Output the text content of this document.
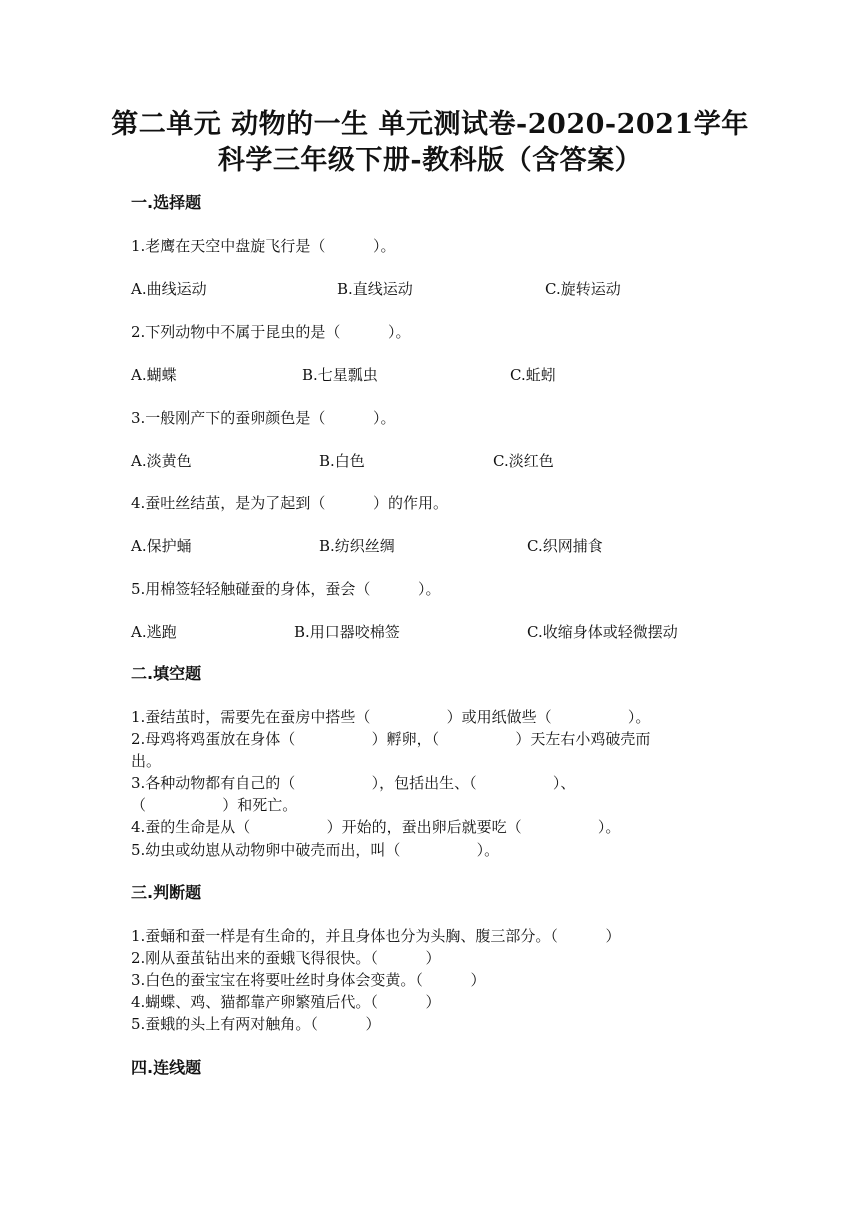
第二单元 动物的一生 单元测试卷-2020-2021学年
科学三年级下册-教科版（含答案）
一.选择题
1.老鹰在天空中盘旋飞行是（          ）。
A.曲线运动	B.直线运动	C.旋转运动
2.下列动物中不属于昆虫的是（          ）。
A.蝴蝶	B.七星瓢虫	C.蚯蚓
3.一般刚产下的蚕卵颜色是（          ）。
A.淡黄色	B.白色	C.淡红色
4.蚕吐丝结茧，是为了起到（          ）的作用。
A.保护蛹	B.纺织丝绸	C.织网捕食
5.用棉签轻轻触碰蚕的身体，蚕会（          ）。
A.逃跑	B.用口器咬棉签	C.收缩身体或轻微摆动
二.填空题
1.蚕结茧时，需要先在蚕房中搭些（                ）或用纸做些（                ）。
2.母鸡将鸡蛋放在身体（                ）孵卵，（                ）天左右小鸡破壳而
出。
3.各种动物都有自己的（                ），包括出生、（                ）、
（                ）和死亡。
4.蚕的生命是从（                ）开始的，蚕出卵后就要吃（                ）。
5.幼虫或幼崽从动物卵中破壳而出，叫（                ）。
三.判断题
1.蚕蛹和蚕一样是有生命的，并且身体也分为头胸、腹三部分。（          ）
2.刚从蚕茧钻出来的蚕蛾飞得很快。（          ）
3.白色的蚕宝宝在将要吐丝时身体会变黄。（          ）
4.蝴蝶、鸡、猫都靠产卵繁殖后代。（          ）
5.蚕蛾的头上有两对触角。（          ）
四.连线题
